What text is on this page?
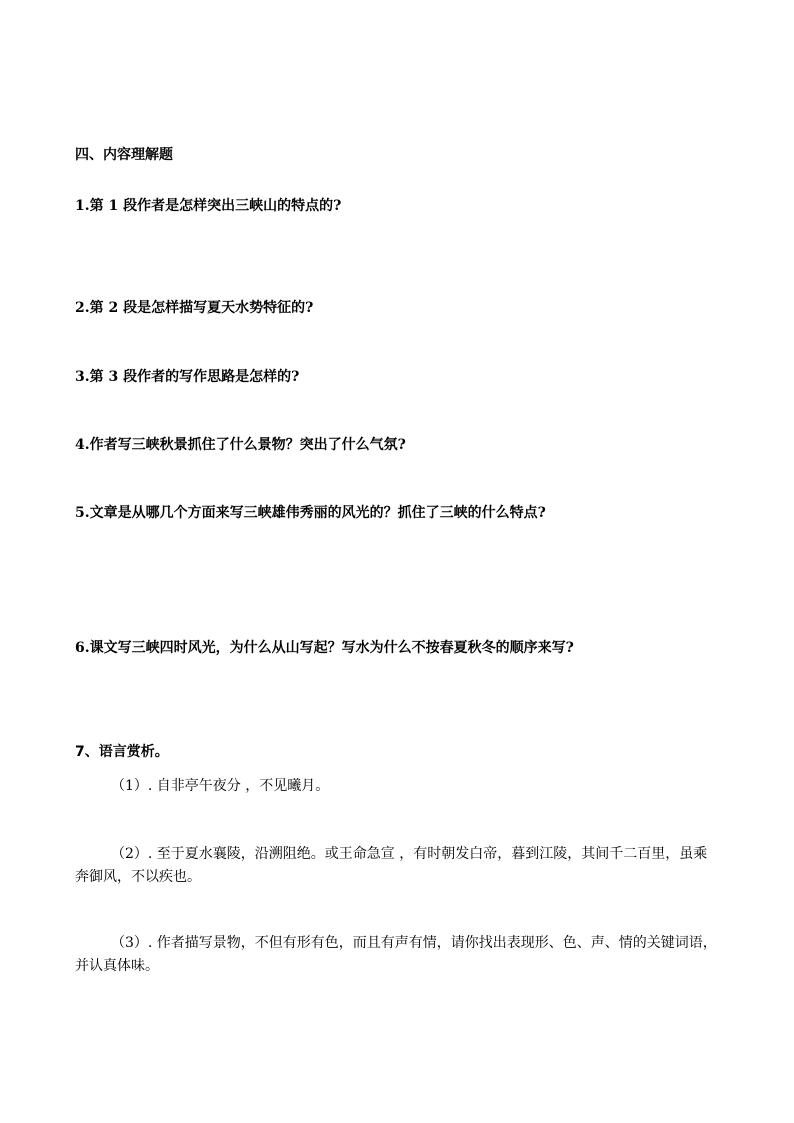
四、内容理解题
1.第 1 段作者是怎样突出三峡山的特点的?
2.第 2 段是怎样描写夏天水势特征的?
3.第 3 段作者的写作思路是怎样的?
4.作者写三峡秋景抓住了什么景物？突出了什么气氛?
5.文章是从哪几个方面来写三峡雄伟秀丽的风光的？抓住了三峡的什么特点?
6.课文写三峡四时风光，为什么从山写起？写水为什么不按春夏秋冬的顺序来写?
7、语言赏析。
（1）. 自非亭午夜分 ，不见曦月。
（2）. 至于夏水襄陵，沿溯阻绝。或王命急宣 ，有时朝发白帝，暮到江陵，其间千二百里，虽乘奔御风，不以疾也。
（3）. 作者描写景物，不但有形有色，而且有声有情，请你找出表现形、色、声、情的关键词语，并认真体味。
